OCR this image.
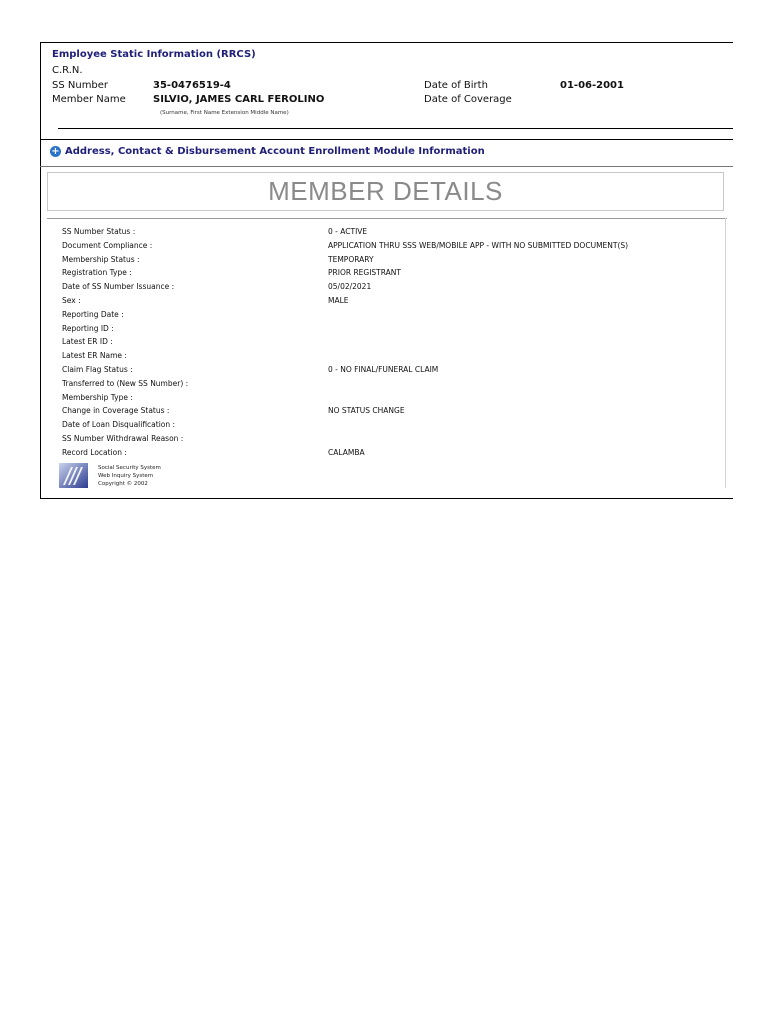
Employee Static Information (RRCS)
C.R.N.
SS Number	35-0476519-4
Member Name	SILVIO, JAMES CARL FEROLINO
(Surname, First Name Extension Middle Name)
Date of Birth	01-06-2001
Date of Coverage
+ Address, Contact & Disbursement Account Enrollment Module Information
MEMBER DETAILS
SS Number Status :	0 - ACTIVE
Document Compliance :	APPLICATION THRU SSS WEB/MOBILE APP - WITH NO SUBMITTED DOCUMENT(S)
Membership Status :	TEMPORARY
Registration Type :	PRIOR REGISTRANT
Date of SS Number Issuance :	05/02/2021
Sex :	MALE
Reporting Date :
Reporting ID :
Latest ER ID :
Latest ER Name :
Claim Flag Status :	0 - NO FINAL/FUNERAL CLAIM
Transferred to (New SS Number) :
Membership Type :
Change in Coverage Status :	NO STATUS CHANGE
Date of Loan Disqualification :
SS Number Withdrawal Reason :
Record Location :	CALAMBA
Social Security System
Web Inquiry System
Copyright © 2002
